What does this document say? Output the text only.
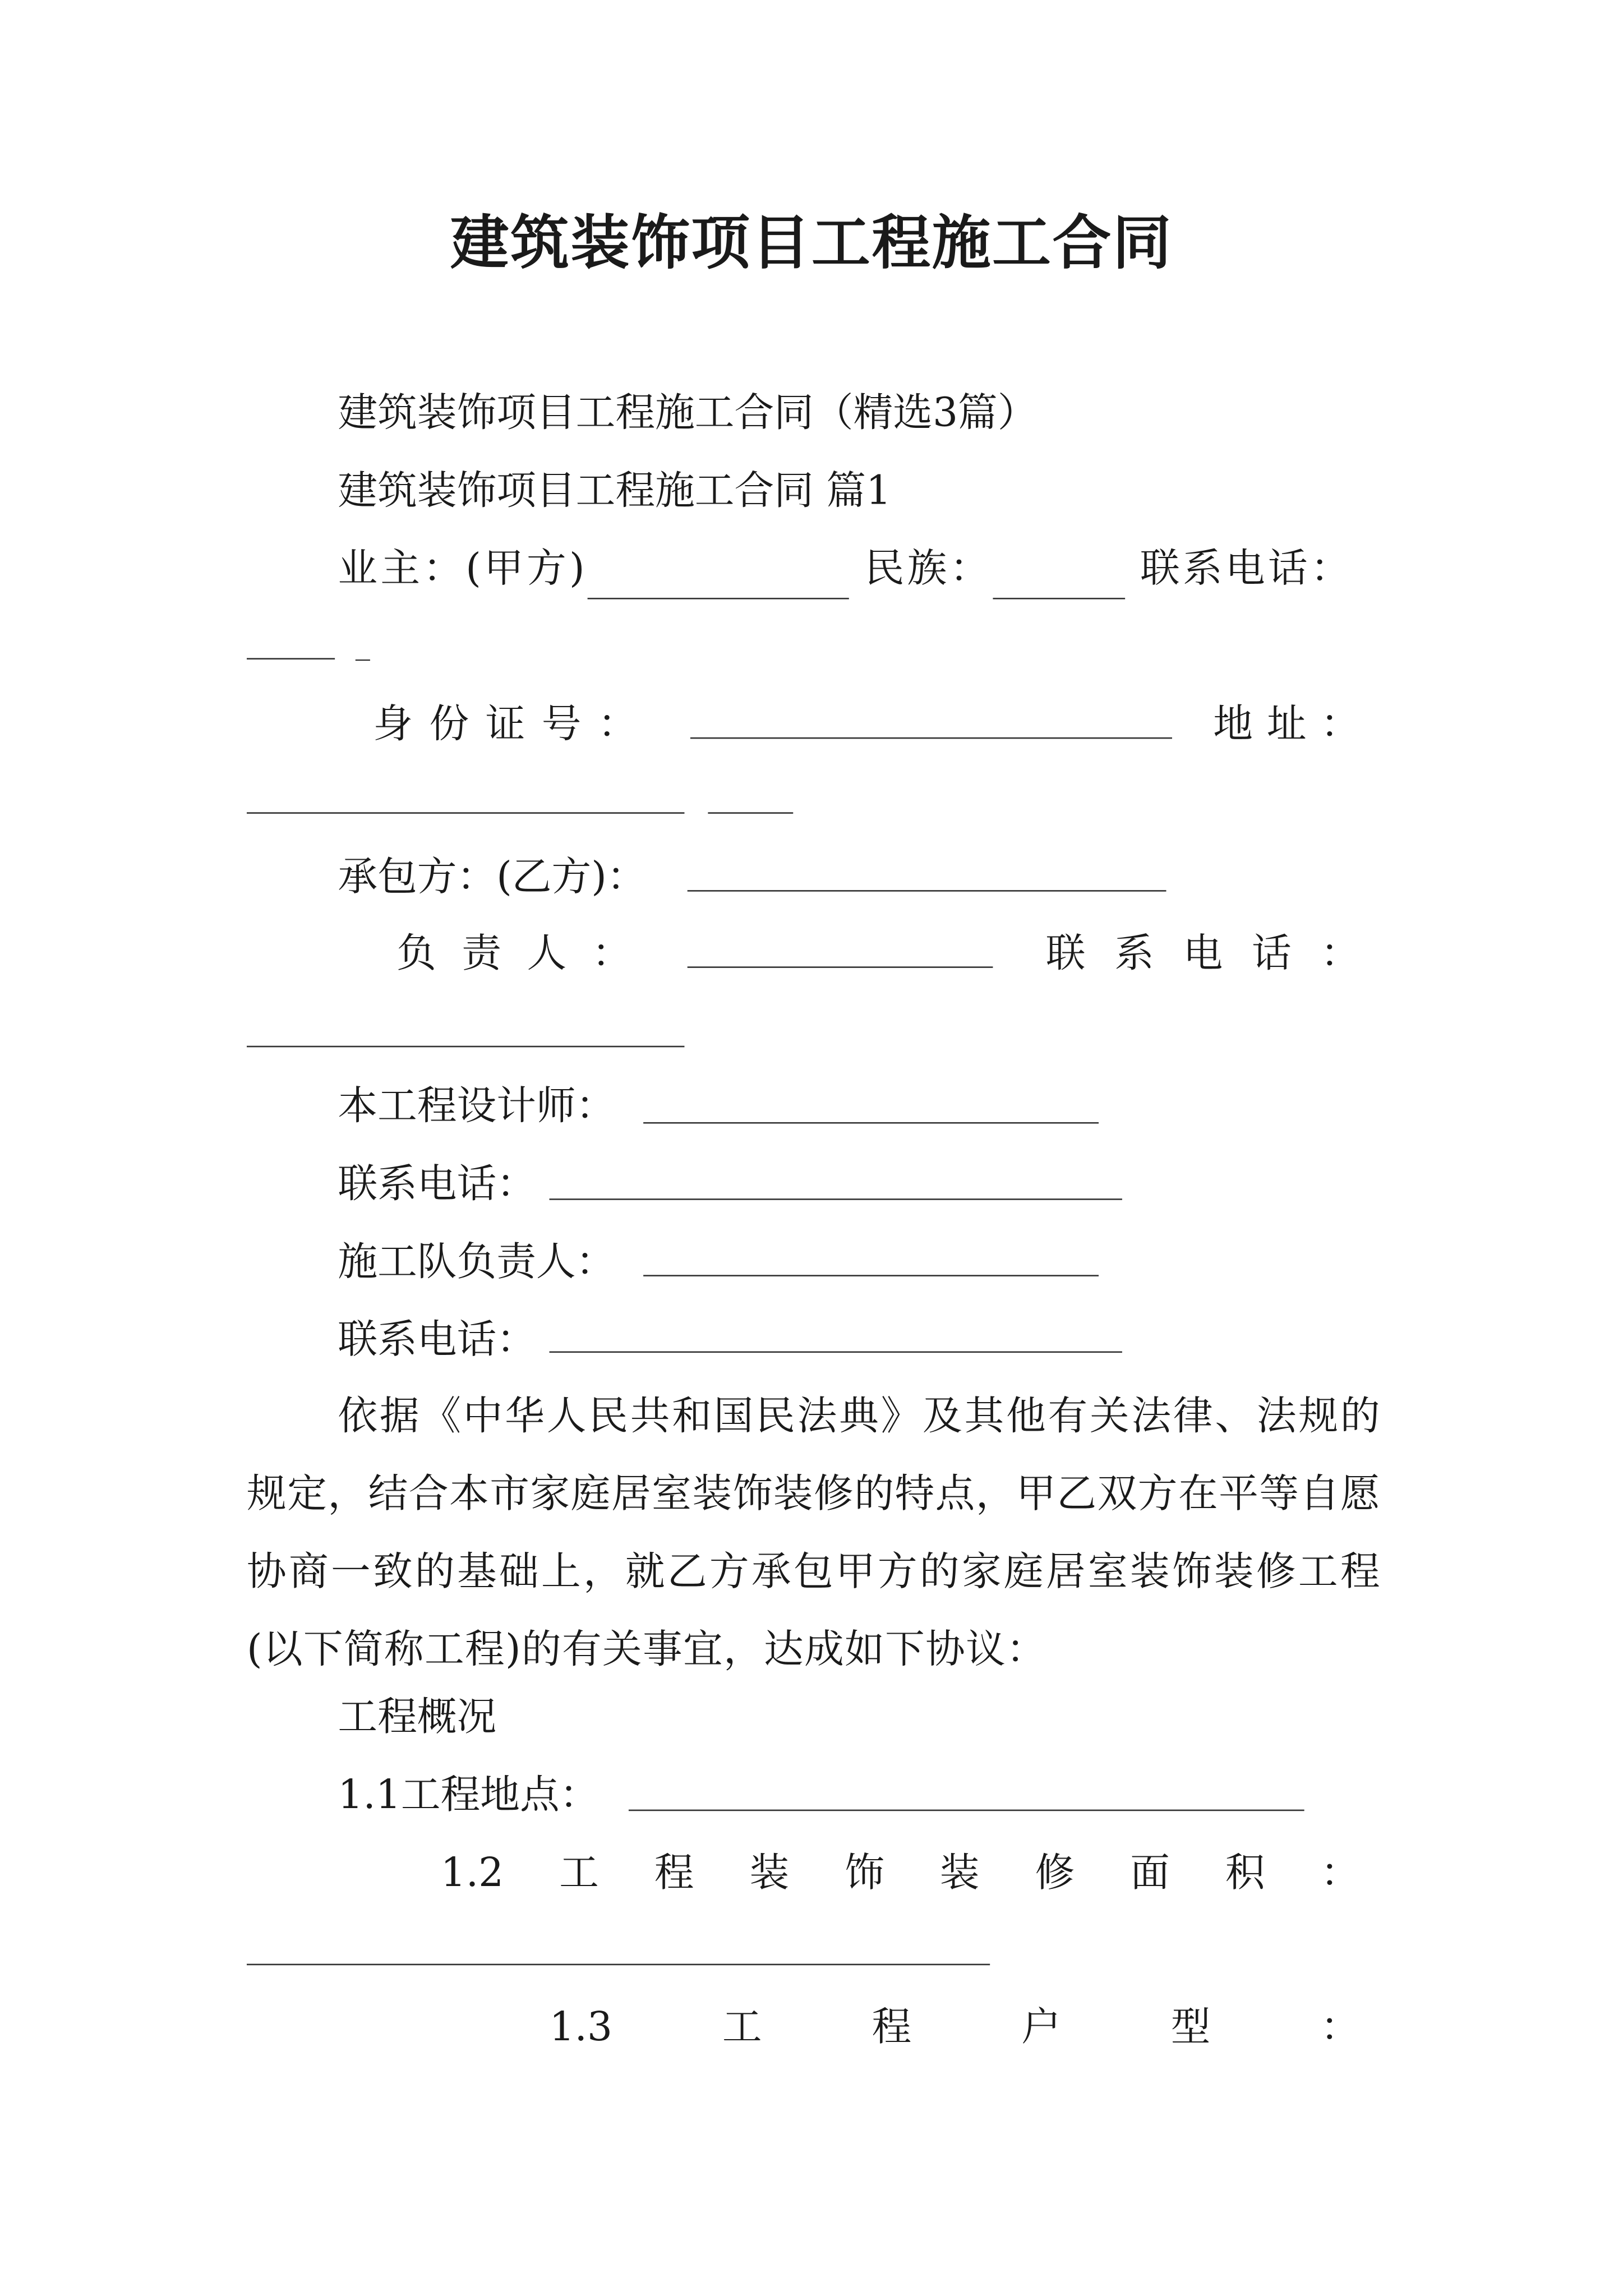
建筑装饰项目工程施工合同
建筑装饰项目工程施工合同（精选3篇）
建筑装饰项目工程施工合同 篇1
业主：(甲方)	民族：	联系电话：
_
身 份 证 号 ：	地 址 ：
承包方：(乙方)：
负 责 人 ：	联 系 电 话 ：
本工程设计师：
联系电话：
施工队负责人：
联系电话：
依据《中华人民共和国民法典》及其他有关法律、法规的规定，结合本市家庭居室装饰装修的特点，甲乙双方在平等自愿协商一致的基础上，就乙方承包甲方的家庭居室装饰装修工程(以下简称工程)的有关事宜，达成如下协议：
工程概况
1.1工程地点：
1.2	工	程	装	饰	装	修	面	积	：
1.3	工	程	户	型	：
